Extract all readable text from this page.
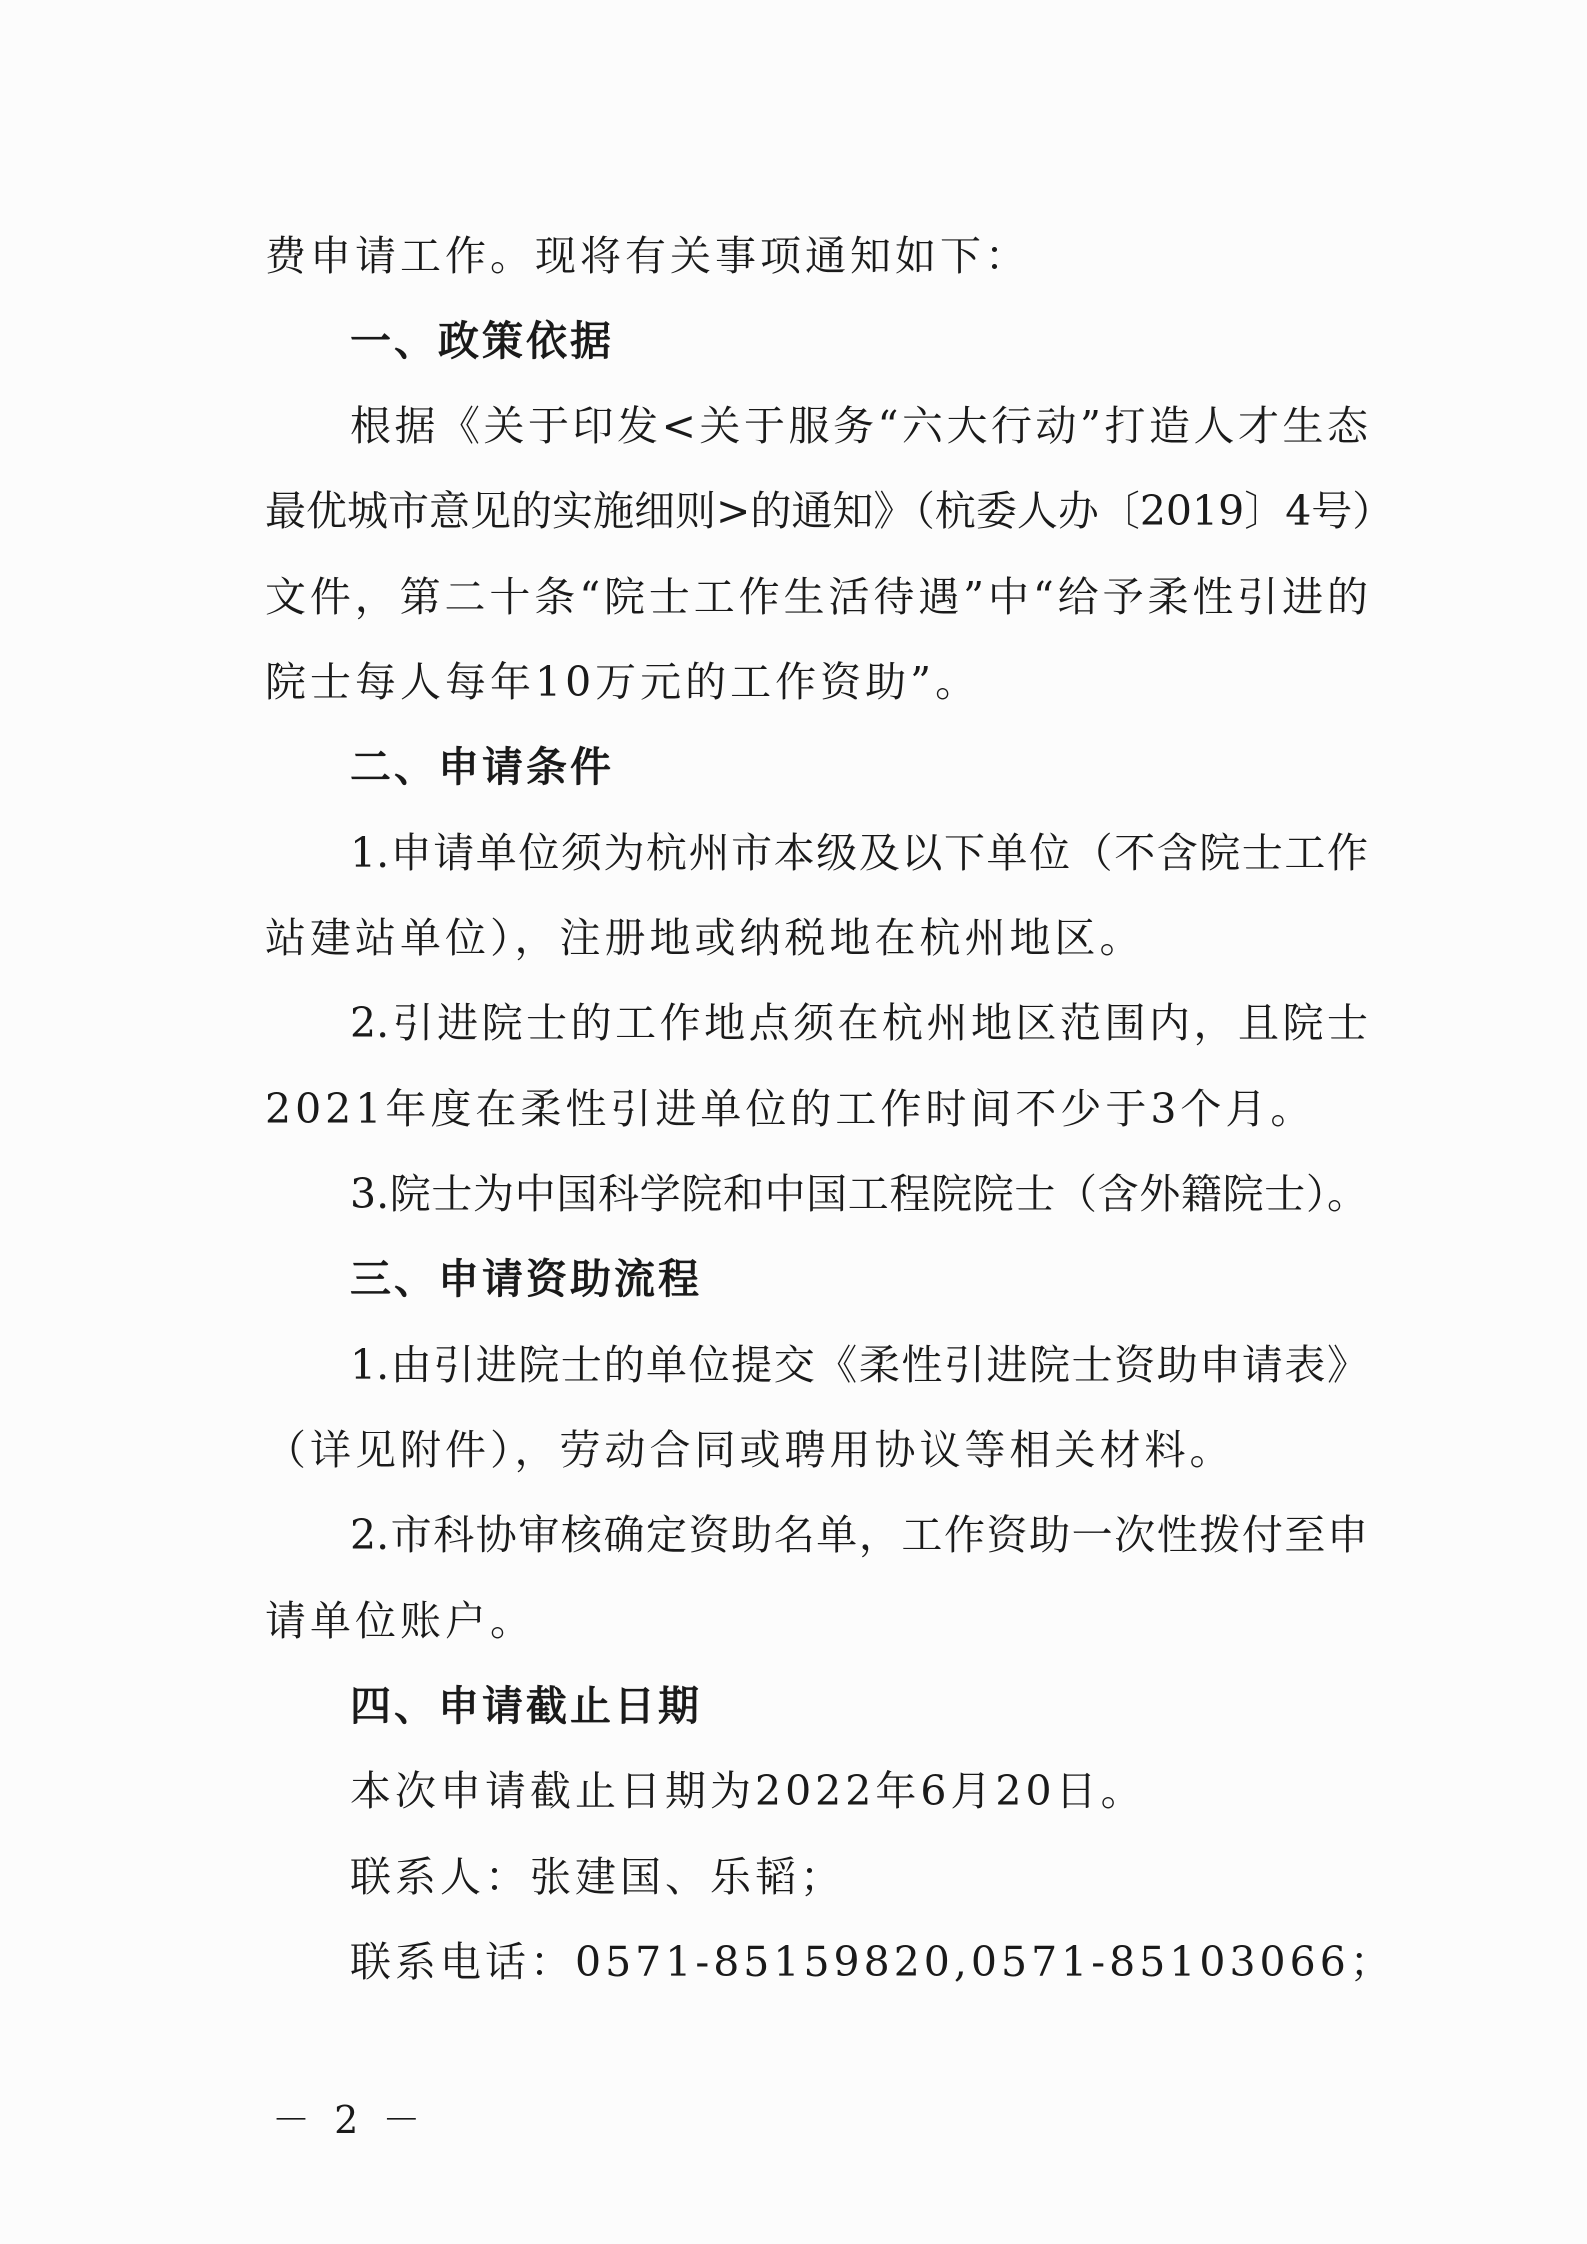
费申请工作。现将有关事项通知如下：
一、政策依据
根据《关于印发<关于服务“六大行动”打造人才生态
最优城市意见的实施细则>的通知》（杭委人办〔2019〕4号）
文件，第二十条“院士工作生活待遇”中“给予柔性引进的
院士每人每年10万元的工作资助”。
二、申请条件
1.申请单位须为杭州市本级及以下单位（不含院士工作
站建站单位），注册地或纳税地在杭州地区。
2.引进院士的工作地点须在杭州地区范围内，且院士
2021年度在柔性引进单位的工作时间不少于3个月。
3.院士为中国科学院和中国工程院院士（含外籍院士）。
三、申请资助流程
1.由引进院士的单位提交《柔性引进院士资助申请表》
（详见附件），劳动合同或聘用协议等相关材料。
2.市科协审核确定资助名单，工作资助一次性拨付至申
请单位账户。
四、申请截止日期
本次申请截止日期为2022年6月20日。
联系人：张建国、乐韬；
联系电话：0571-85159820,0571-85103066；
－ 2 －
